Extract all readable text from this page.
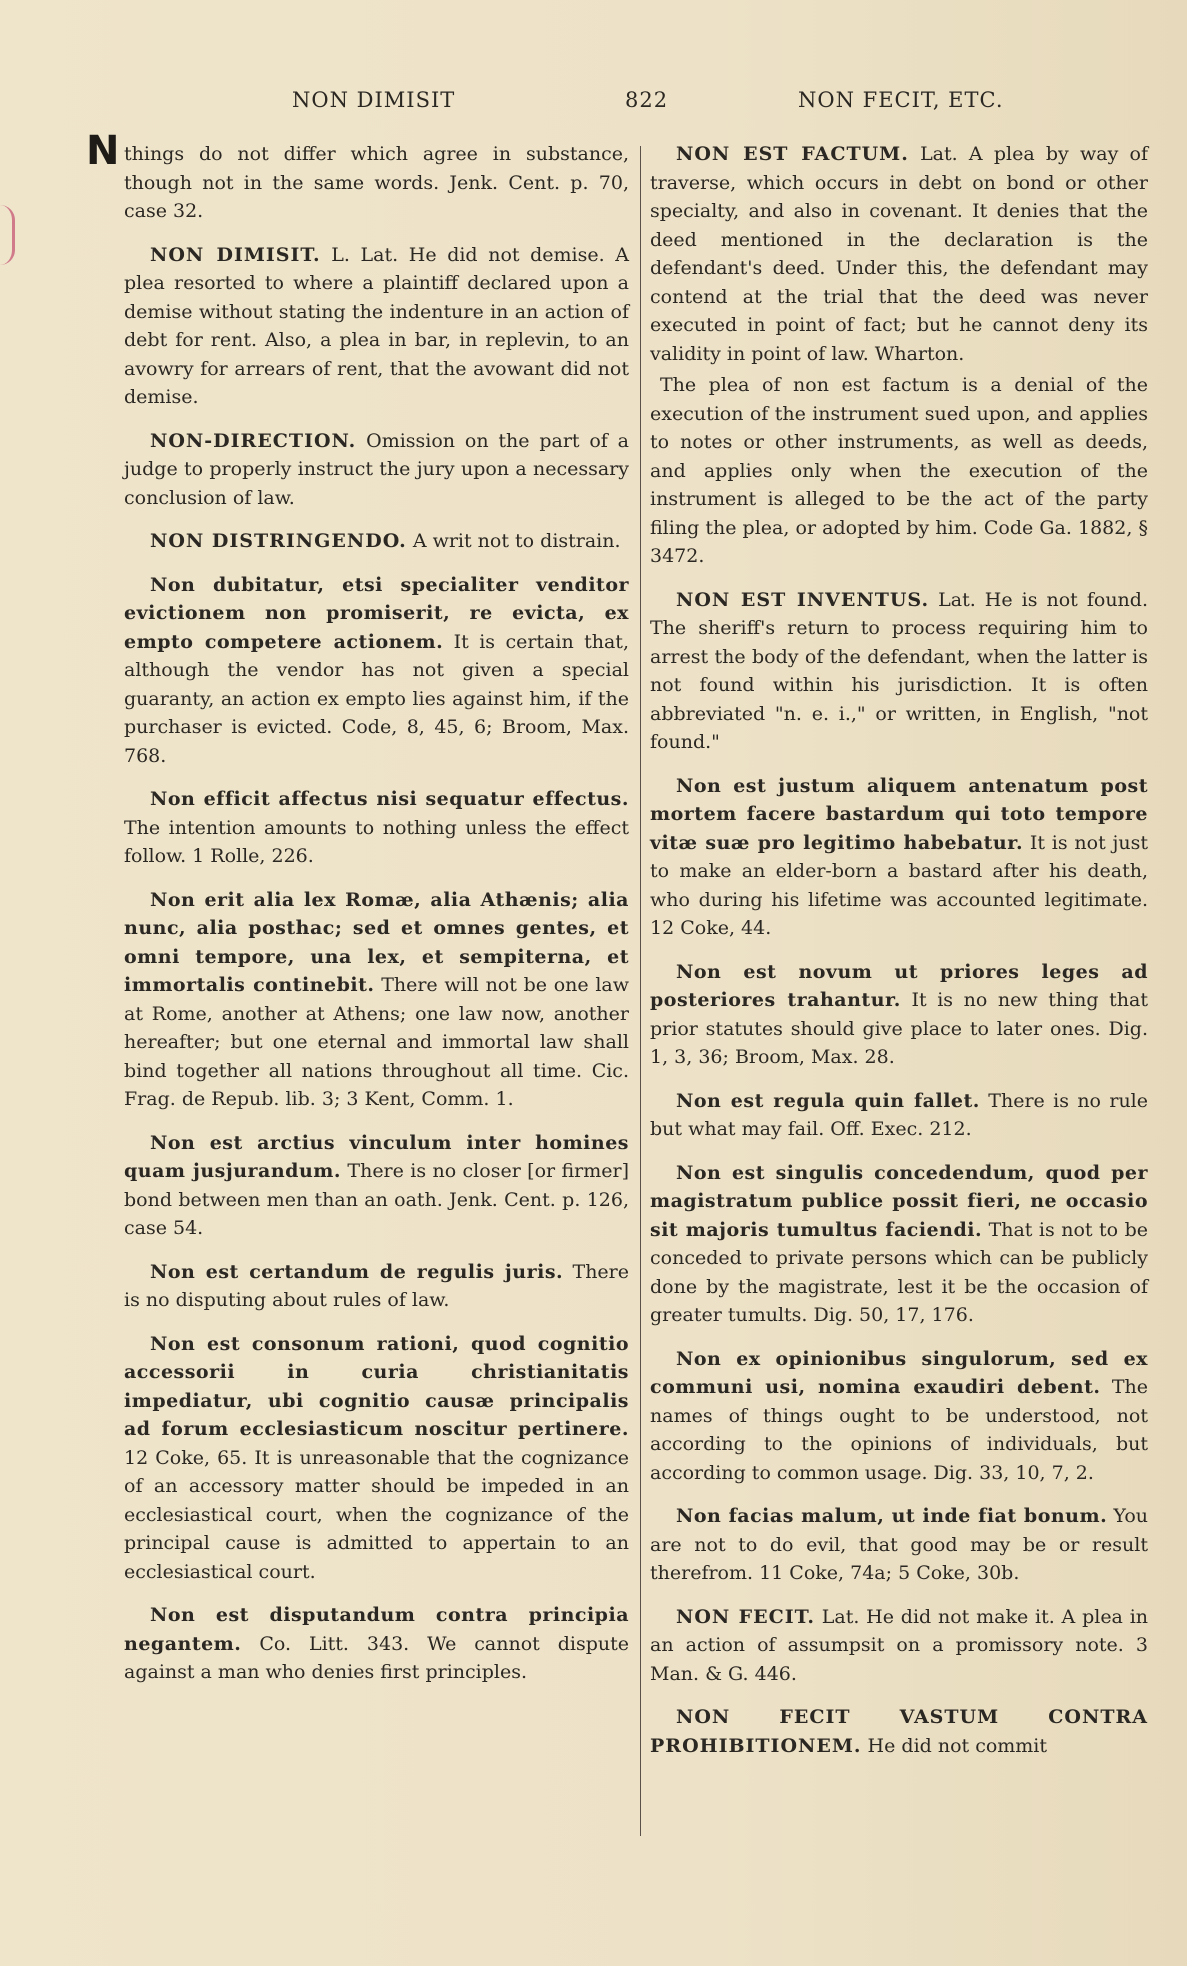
NON DIMISIT	822	NON FECIT, ETC.
N things do not differ which agree in substance, though not in the same words. Jenk. Cent. p. 70, case 32.

NON DIMISIT. L. Lat. He did not demise. A plea resorted to where a plaintiff declared upon a demise without stating the indenture in an action of debt for rent. Also, a plea in bar, in replevin, to an avowry for arrears of rent, that the avowant did not demise.

NON-DIRECTION. Omission on the part of a judge to properly instruct the jury upon a necessary conclusion of law.

NON DISTRINGENDO. A writ not to distrain.

Non dubitatur, etsi specialiter venditor evictionem non promiserit, re evicta, ex empto competere actionem. It is certain that, although the vendor has not given a special guaranty, an action ex empto lies against him, if the purchaser is evicted. Code, 8, 45, 6; Broom, Max. 768.

Non efficit affectus nisi sequatur effectus. The intention amounts to nothing unless the effect follow. 1 Rolle, 226.

Non erit alia lex Romæ, alia Athænis; alia nunc, alia posthac; sed et omnes gentes, et omni tempore, una lex, et sempiterna, et immortalis continebit. There will not be one law at Rome, another at Athens; one law now, another hereafter; but one eternal and immortal law shall bind together all nations throughout all time. Cic. Frag. de Repub. lib. 3; 3 Kent, Comm. 1.

Non est arctius vinculum inter homines quam jusjurandum. There is no closer [or firmer] bond between men than an oath. Jenk. Cent. p. 126, case 54.

Non est certandum de regulis juris. There is no disputing about rules of law.

Non est consonum rationi, quod cognitio accessorii in curia christianitatis impediatur, ubi cognitio causæ principalis ad forum ecclesiasticum noscitur pertinere. 12 Coke, 65. It is unreasonable that the cognizance of an accessory matter should be impeded in an ecclesiastical court, when the cognizance of the principal cause is admitted to appertain to an ecclesiastical court.

Non est disputandum contra principia negantem. Co. Litt. 343. We cannot dispute against a man who denies first principles.

NON EST FACTUM. Lat. A plea by way of traverse, which occurs in debt on bond or other specialty, and also in covenant. It denies that the deed mentioned in the declaration is the defendant's deed. Under this, the defendant may contend at the trial that the deed was never executed in point of fact; but he cannot deny its validity in point of law. Wharton.

The plea of non est factum is a denial of the execution of the instrument sued upon, and applies to notes or other instruments, as well as deeds, and applies only when the execution of the instrument is alleged to be the act of the party filing the plea, or adopted by him. Code Ga. 1882, § 3472.

NON EST INVENTUS. Lat. He is not found. The sheriff's return to process requiring him to arrest the body of the defendant, when the latter is not found within his jurisdiction. It is often abbreviated "n. e. i.," or written, in English, "not found."

Non est justum aliquem antenatum post mortem facere bastardum qui toto tempore vitæ suæ pro legitimo habebatur. It is not just to make an elder-born a bastard after his death, who during his lifetime was accounted legitimate. 12 Coke, 44.

Non est novum ut priores leges ad posteriores trahantur. It is no new thing that prior statutes should give place to later ones. Dig. 1, 3, 36; Broom, Max. 28.

Non est regula quin fallet. There is no rule but what may fail. Off. Exec. 212.

Non est singulis concedendum, quod per magistratum publice possit fieri, ne occasio sit majoris tumultus faciendi. That is not to be conceded to private persons which can be publicly done by the magistrate, lest it be the occasion of greater tumults. Dig. 50, 17, 176.

Non ex opinionibus singulorum, sed ex communi usi, nomina exaudiri debent. The names of things ought to be understood, not according to the opinions of individuals, but according to common usage. Dig. 33, 10, 7, 2.

Non facias malum, ut inde fiat bonum. You are not to do evil, that good may be or result therefrom. 11 Coke, 74a; 5 Coke, 30b.

NON FECIT. Lat. He did not make it. A plea in an action of assumpsit on a promissory note. 3 Man. & G. 446.

NON FECIT VASTUM CONTRA PROHIBITIONEM. He did not commit
